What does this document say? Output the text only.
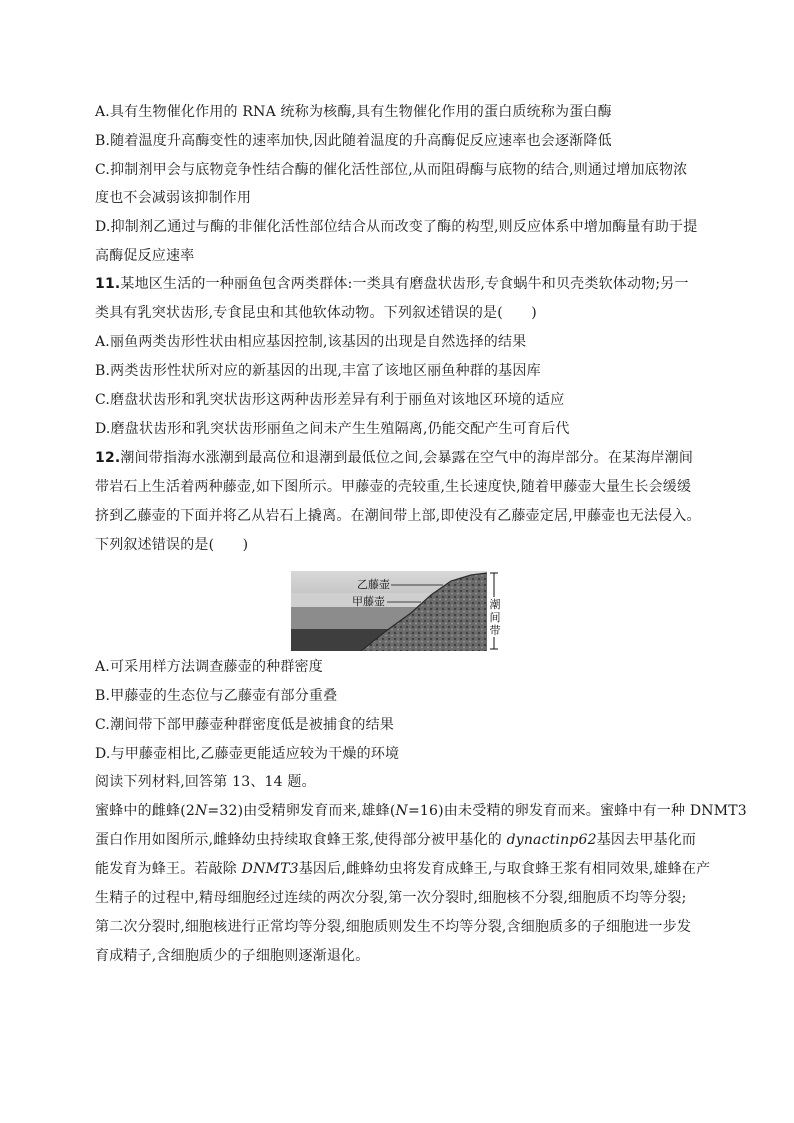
A.具有生物催化作用的 RNA 统称为核酶,具有生物催化作用的蛋白质统称为蛋白酶
B.随着温度升高酶变性的速率加快,因此随着温度的升高酶促反应速率也会逐渐降低
C.抑制剂甲会与底物竞争性结合酶的催化活性部位,从而阻碍酶与底物的结合,则通过增加底物浓
度也不会减弱该抑制作用
D.抑制剂乙通过与酶的非催化活性部位结合从而改变了酶的构型,则反应体系中增加酶量有助于提
高酶促反应速率
11.某地区生活的一种丽鱼包含两类群体:一类具有磨盘状齿形,专食蜗牛和贝壳类软体动物;另一
类具有乳突状齿形,专食昆虫和其他软体动物。下列叙述错误的是(　　)
A.丽鱼两类齿形性状由相应基因控制,该基因的出现是自然选择的结果
B.两类齿形性状所对应的新基因的出现,丰富了该地区丽鱼种群的基因库
C.磨盘状齿形和乳突状齿形这两种齿形差异有利于丽鱼对该地区环境的适应
D.磨盘状齿形和乳突状齿形丽鱼之间未产生生殖隔离,仍能交配产生可育后代
12.潮间带指海水涨潮到最高位和退潮到最低位之间,会暴露在空气中的海岸部分。在某海岸潮间
带岩石上生活着两种藤壶,如下图所示。甲藤壶的壳较重,生长速度快,随着甲藤壶大量生长会缓缓
挤到乙藤壶的下面并将乙从岩石上撬离。在潮间带上部,即使没有乙藤壶定居,甲藤壶也无法侵入。
下列叙述错误的是(　　)
乙藤壶
甲藤壶	潮
间
带
A.可采用样方法调查藤壶的种群密度
B.甲藤壶的生态位与乙藤壶有部分重叠
C.潮间带下部甲藤壶种群密度低是被捕食的结果
D.与甲藤壶相比,乙藤壶更能适应较为干燥的环境
阅读下列材料,回答第 13、14 题。
蜜蜂中的雌蜂(2N=32)由受精卵发育而来,雄蜂(N=16)由未受精的卵发育而来。蜜蜂中有一种 DNMT3
蛋白作用如图所示,雌蜂幼虫持续取食蜂王浆,使得部分被甲基化的 dynactinp62基因去甲基化而
能发育为蜂王。若敲除 DNMT3基因后,雌蜂幼虫将发育成蜂王,与取食蜂王浆有相同效果,雄蜂在产
生精子的过程中,精母细胞经过连续的两次分裂,第一次分裂时,细胞核不分裂,细胞质不均等分裂;
第二次分裂时,细胞核进行正常均等分裂,细胞质则发生不均等分裂,含细胞质多的子细胞进一步发
育成精子,含细胞质少的子细胞则逐渐退化。
